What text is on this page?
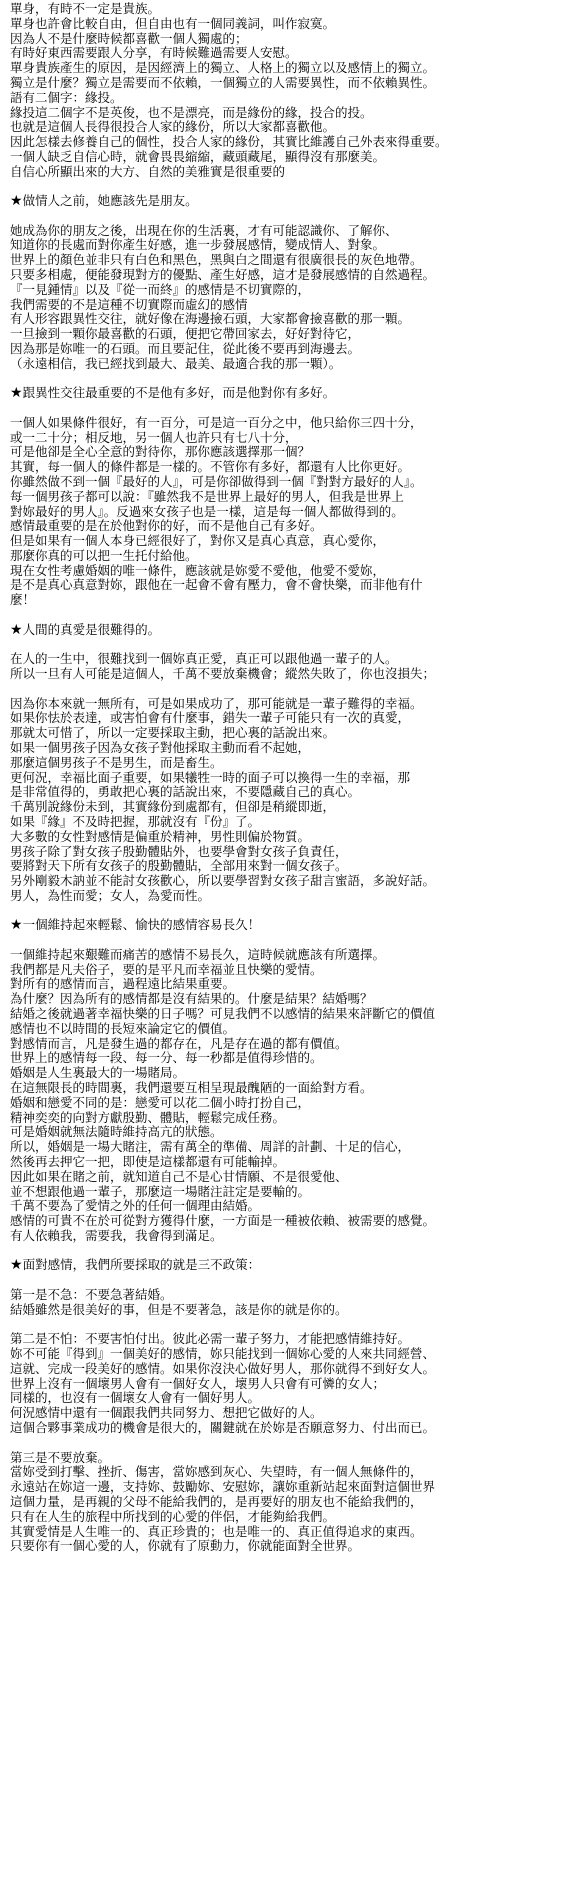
單身，有時不一定是貴族。
單身也許會比較自由，但自由也有一個同義詞，叫作寂寞。
因為人不是什麼時候都喜歡一個人獨處的；
有時好東西需要跟人分享，有時候難過需要人安慰。
單身貴族產生的原因，是因經濟上的獨立、人格上的獨立以及感情上的獨立。
獨立是什麼？獨立是需要而不依賴，一個獨立的人需要異性，而不依賴異性。
語有二個字：緣投。
緣投這二個字不是英俊，也不是漂亮，而是緣份的緣，投合的投。
也就是這個人長得很投合人家的緣份，所以大家都喜歡他。
因此怎樣去修養自己的個性，投合人家的緣份，其實比維護自己外表來得重要。
一個人缺乏自信心時，就會畏畏縮縮，藏頭藏尾，顯得沒有那麼美。
自信心所顯出來的大方、自然的美雅實是很重要的
★做情人之前，她應該先是朋友。

她成為你的朋友之後，出現在你的生活裏，才有可能認識你、了解你、
知道你的長處而對你產生好感，進一步發展感情，變成情人、對象。
世界上的顏色並非只有白色和黑色，黑與白之間還有很廣很長的灰色地帶。
只要多相處，便能發現對方的優點、產生好感，這才是發展感情的自然過程。
『一見鍾情』以及『從一而終』的感情是不切實際的，
我們需要的不是這種不切實際而虛幻的感情
有人形容跟異性交往，就好像在海邊撿石頭，大家都會撿喜歡的那一顆。
一旦撿到一顆你最喜歡的石頭，便把它帶回家去，好好對待它，
因為那是妳唯一的石頭。而且要記住，從此後不要再到海邊去。
（永遠相信，我已經找到最大、最美、最適合我的那一顆）。
★跟異性交往最重要的不是他有多好，而是他對你有多好。

一個人如果條件很好，有一百分，可是這一百分之中，他只給你三四十分，
或一二十分；相反地，另一個人也許只有七八十分，
可是他卻是全心全意的對待你，那你應該選擇那一個？
其實，每一個人的條件都是一樣的。不管你有多好，都還有人比你更好。
你雖然做不到一個『最好的人』，可是你卻做得到一個『對對方最好的人』。
每一個男孩子都可以說：『雖然我不是世界上最好的男人，但我是世界上
對妳最好的男人』。反過來女孩子也是一樣，這是每一個人都做得到的。
感情最重要的是在於他對你的好，而不是他自己有多好。
但是如果有一個人本身已經很好了，對你又是真心真意，真心愛你，
那麼你真的可以把一生托付給他。
現在女性考慮婚姻的唯一條件，應該就是妳愛不愛他，他愛不愛妳，
是不是真心真意對妳，跟他在一起會不會有壓力，會不會快樂，而非他有什
麼！
★人間的真愛是很難得的。

在人的一生中，很難找到一個妳真正愛，真正可以跟他過一輩子的人。
所以一旦有人可能是這個人，千萬不要放棄機會；縱然失敗了，你也沒損失；

因為你本來就一無所有，可是如果成功了，那可能就是一輩子難得的幸福。
如果你怯於表達，或害怕會有什麼事，錯失一輩子可能只有一次的真愛，
那就太可惜了，所以一定要採取主動，把心裏的話說出來。
如果一個男孩子因為女孩子對他採取主動而看不起她，
那麼這個男孩子不是男生，而是畜生。
更何況，幸福比面子重要，如果犧牲一時的面子可以換得一生的幸福，那
是非常值得的，勇敢把心裏的話說出來，不要隱藏自己的真心。
千萬別說緣份未到，其實緣份到處都有，但卻是稍縱即逝，
如果『緣』不及時把握，那就沒有『份』了。
大多數的女性對感情是偏重於精神，男性則偏於物質。
男孩子除了對女孩子殷勤體貼外，也要學會對女孩子負責任，
要將對天下所有女孩子的殷勤體貼，全部用來對一個女孩子。
另外剛毅木訥並不能討女孩歡心，所以要學習對女孩子甜言蜜語，多說好話。
男人，為性而愛；女人，為愛而性。
★一個維持起來輕鬆、愉快的感情容易長久！

一個維持起來艱難而痛苦的感情不易長久，這時候就應該有所選擇。
我們都是凡夫俗子，要的是平凡而幸福並且快樂的愛情。
對所有的感情而言，過程遠比結果重要。
為什麼？因為所有的感情都是沒有結果的。什麼是結果？結婚嗎？
結婚之後就過著幸福快樂的日子嗎？可見我們不以感情的結果來評斷它的價值
感情也不以時間的長短來論定它的價值。
對感情而言，凡是發生過的都存在，凡是存在過的都有價值。
世界上的感情每一段、每一分、每一秒都是值得珍惜的。
婚姻是人生裏最大的一場賭局。
在這無限長的時間裏，我們還要互相呈現最醜陋的一面給對方看。
婚姻和戀愛不同的是：戀愛可以花二個小時打扮自己，
精神奕奕的向對方獻殷勤、體貼，輕鬆完成任務。
可是婚姻就無法隨時維持高亢的狀態。
所以，婚姻是一場大賭注，需有萬全的準備、周詳的計劃、十足的信心，
然後再去押它一把，即使是這樣都還有可能輸掉。
因此如果在賭之前，就知道自己不是心甘情願、不是很愛他、
並不想跟他過一輩子，那麼這一場賭注註定是要輸的。
千萬不要為了愛情之外的任何一個理由結婚。
感情的可貴不在於可從對方獲得什麼，一方面是一種被依賴、被需要的感覺。
有人依賴我，需要我，我會得到滿足。
★面對感情，我們所要採取的就是三不政策：

第一是不急：不要急著結婚。
結婚雖然是很美好的事，但是不要著急，該是你的就是你的。

第二是不怕：不要害怕付出。彼此必需一輩子努力，才能把感情維持好。
妳不可能『得到』一個美好的感情，妳只能找到一個妳心愛的人來共同經營、
這就、完成一段美好的感情。如果你沒決心做好男人，那你就得不到好女人。
世界上沒有一個壞男人會有一個好女人，壞男人只會有可憐的女人；
同樣的，也沒有一個壞女人會有一個好男人。
何況感情中還有一個跟我們共同努力、想把它做好的人。
這個合夥事業成功的機會是很大的，關鍵就在於妳是否願意努力、付出而已。

第三是不要放棄。
當妳受到打擊、挫折、傷害，當妳感到灰心、失望時，有一個人無條件的，
永遠站在妳這一邊，支持妳、鼓勵妳、安慰妳，讓妳重新站起來面對這個世界
這個力量，是再親的父母不能給我們的，是再要好的朋友也不能給我們的，
只有在人生的旅程中所找到的心愛的伴侶，才能夠給我們。
其實愛情是人生唯一的、真正珍貴的；也是唯一的、真正值得追求的東西。
只要你有一個心愛的人，你就有了原動力，你就能面對全世界。
